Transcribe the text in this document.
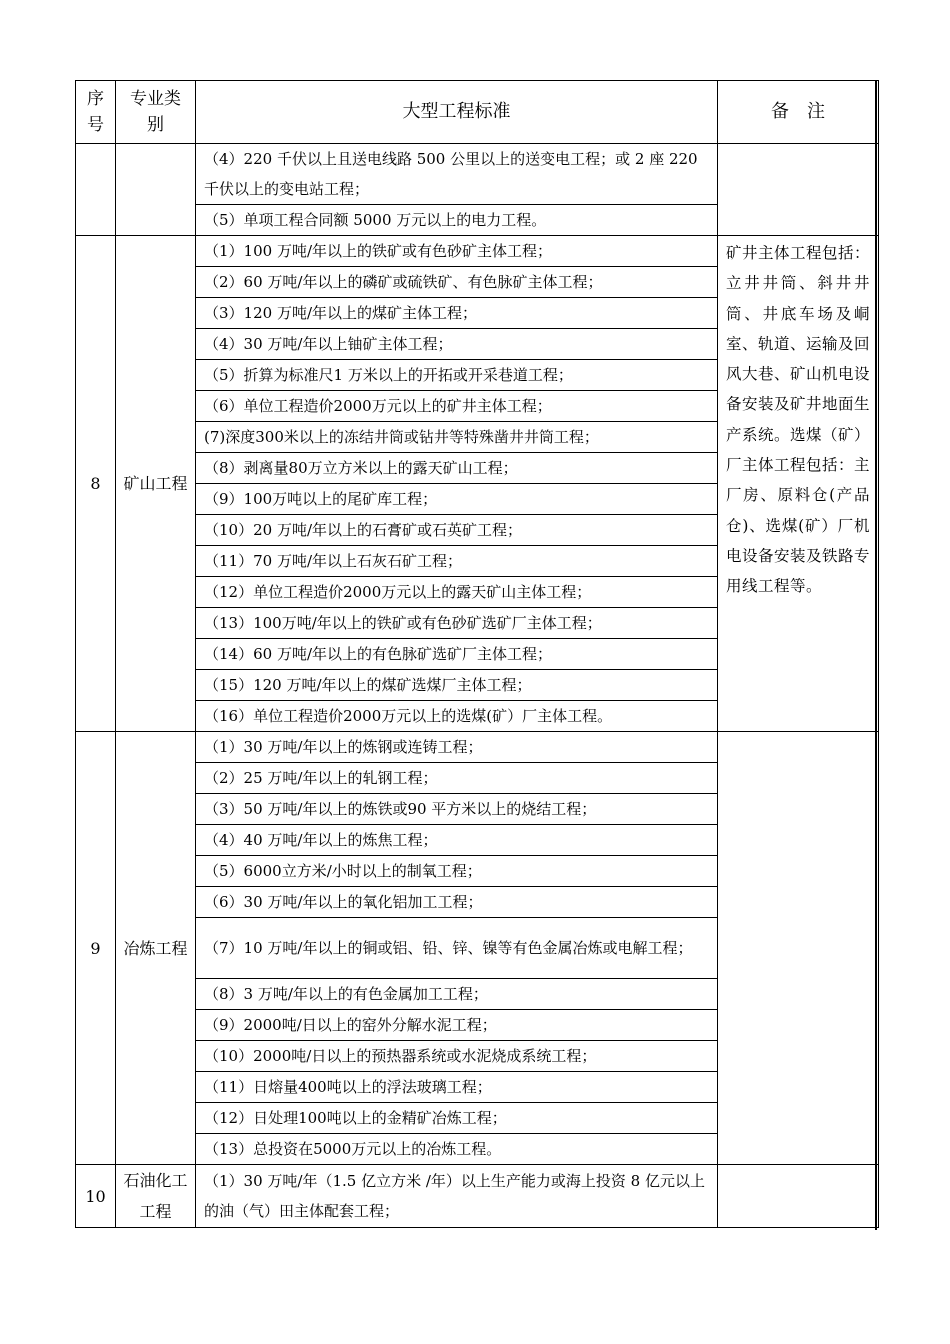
序号	专业类别	大型工程标准	备　注
		（4）220 千伏以上且送电线路 500 公里以上的送变电工程；或 2 座 220 千伏以上的变电站工程；	
		（5）单项工程合同额 5000 万元以上的电力工程。	
8	矿山工程	（1）100 万吨/年以上的铁矿或有色砂矿主体工程；	矿井主体工程包括：立井井筒、斜井井筒、井底车场及峒室、轨道、运输及回风大巷、矿山机电设备安装及矿井地面生产系统。选煤（矿）厂主体工程包括：主厂房、原料仓(产品仓)、选煤(矿）厂机电设备安装及铁路专用线工程等。
		（2）60 万吨/年以上的磷矿或硫铁矿、有色脉矿主体工程；	
		（3）120 万吨/年以上的煤矿主体工程；	
		（4）30 万吨/年以上铀矿主体工程；	
		（5）折算为标准尺1 万米以上的开拓或开采巷道工程；	
		（6）单位工程造价2000万元以上的矿井主体工程；	
		(7)深度300米以上的冻结井筒或钻井等特殊凿井井筒工程；	
		（8）剥离量80万立方米以上的露天矿山工程；	
		（9）100万吨以上的尾矿库工程；	
		（10）20 万吨/年以上的石膏矿或石英矿工程；	
		（11）70 万吨/年以上石灰石矿工程；	
		（12）单位工程造价2000万元以上的露天矿山主体工程；	
		（13）100万吨/年以上的铁矿或有色砂矿选矿厂主体工程；	
		（14）60 万吨/年以上的有色脉矿选矿厂主体工程；	
		（15）120 万吨/年以上的煤矿选煤厂主体工程；	
		（16）单位工程造价2000万元以上的选煤(矿）厂主体工程。	
9	冶炼工程	（1）30 万吨/年以上的炼钢或连铸工程；	
		（2）25 万吨/年以上的轧钢工程；	
		（3）50 万吨/年以上的炼铁或90 平方米以上的烧结工程；	
		（4）40 万吨/年以上的炼焦工程；	
		（5）6000立方米/小时以上的制氧工程；	
		（6）30 万吨/年以上的氧化铝加工工程；	
		（7）10 万吨/年以上的铜或铝、铅、锌、镍等有色金属冶炼或电解工程；	
		（8）3 万吨/年以上的有色金属加工工程；	
		（9）2000吨/日以上的窑外分解水泥工程；	
		（10）2000吨/日以上的预热器系统或水泥烧成系统工程；	
		（11）日熔量400吨以上的浮法玻璃工程；	
		（12）日处理100吨以上的金精矿冶炼工程；	
		（13）总投资在5000万元以上的冶炼工程。	
10	石油化工工程	（1）30 万吨/年（1.5 亿立方米 /年）以上生产能力或海上投资 8 亿元以上的油（气）田主体配套工程；	
